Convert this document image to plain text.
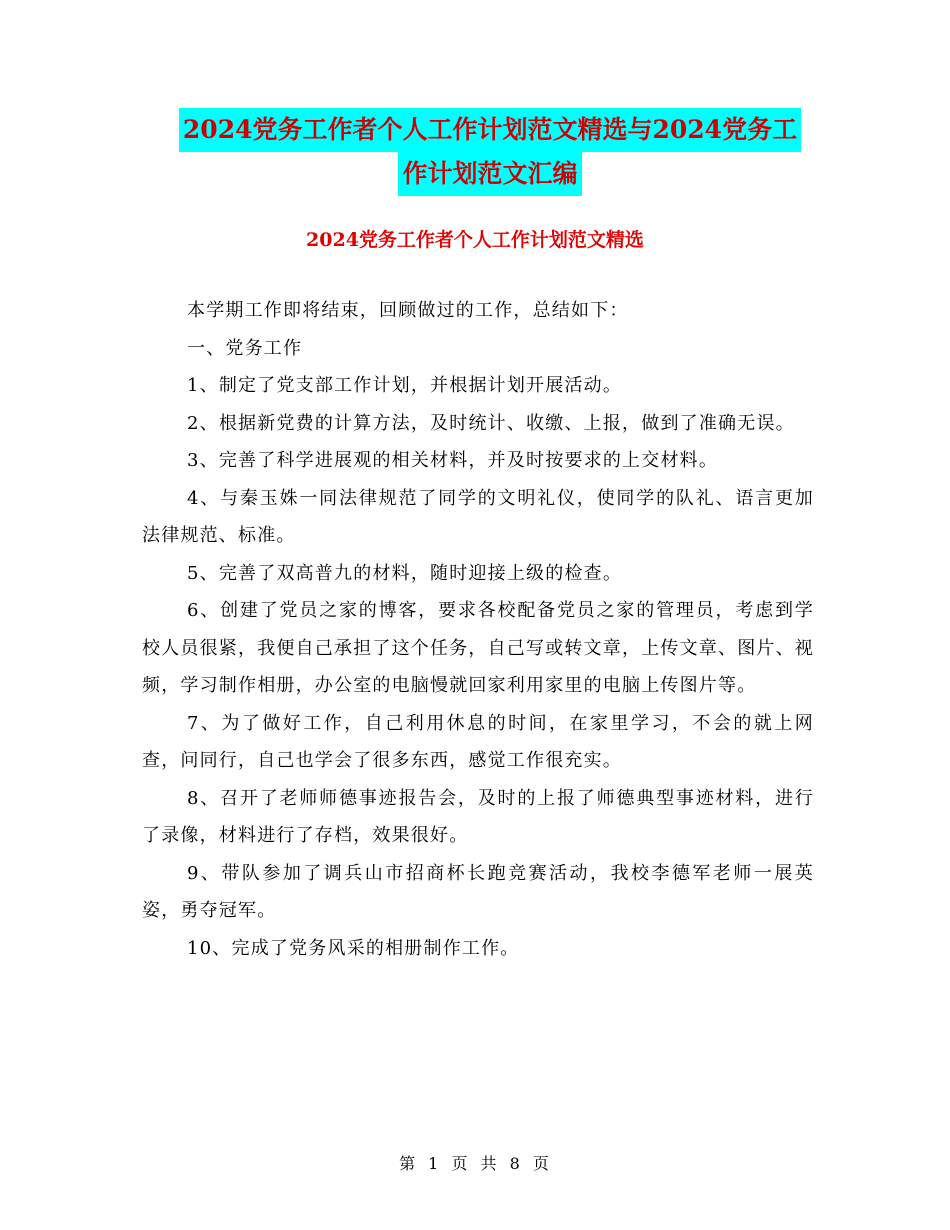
2024党务工作者个人工作计划范文精选与2024党务工
作计划范文汇编
2024党务工作者个人工作计划范文精选

本学期工作即将结束，回顾做过的工作，总结如下：

一、党务工作

1、制定了党支部工作计划，并根据计划开展活动。

2、根据新党费的计算方法，及时统计、收缴、上报，做到了准确无误。

3、完善了科学进展观的相关材料，并及时按要求的上交材料。

4、与秦玉姝一同法律规范了同学的文明礼仪，使同学的队礼、语言更加法律规范、标准。

5、完善了双高普九的材料，随时迎接上级的检查。

6、创建了党员之家的博客，要求各校配备党员之家的管理员，考虑到学校人员很紧，我便自己承担了这个任务，自己写或转文章，上传文章、图片、视频，学习制作相册，办公室的电脑慢就回家利用家里的电脑上传图片等。

7、为了做好工作，自己利用休息的时间，在家里学习，不会的就上网查，问同行，自己也学会了很多东西，感觉工作很充实。

8、召开了老师师德事迹报告会，及时的上报了师德典型事迹材料，进行了录像，材料进行了存档，效果很好。

9、带队参加了调兵山市招商杯长跑竞赛活动，我校李德军老师一展英姿，勇夺冠军。

10、完成了党务风采的相册制作工作。

第 1 页 共 8 页
